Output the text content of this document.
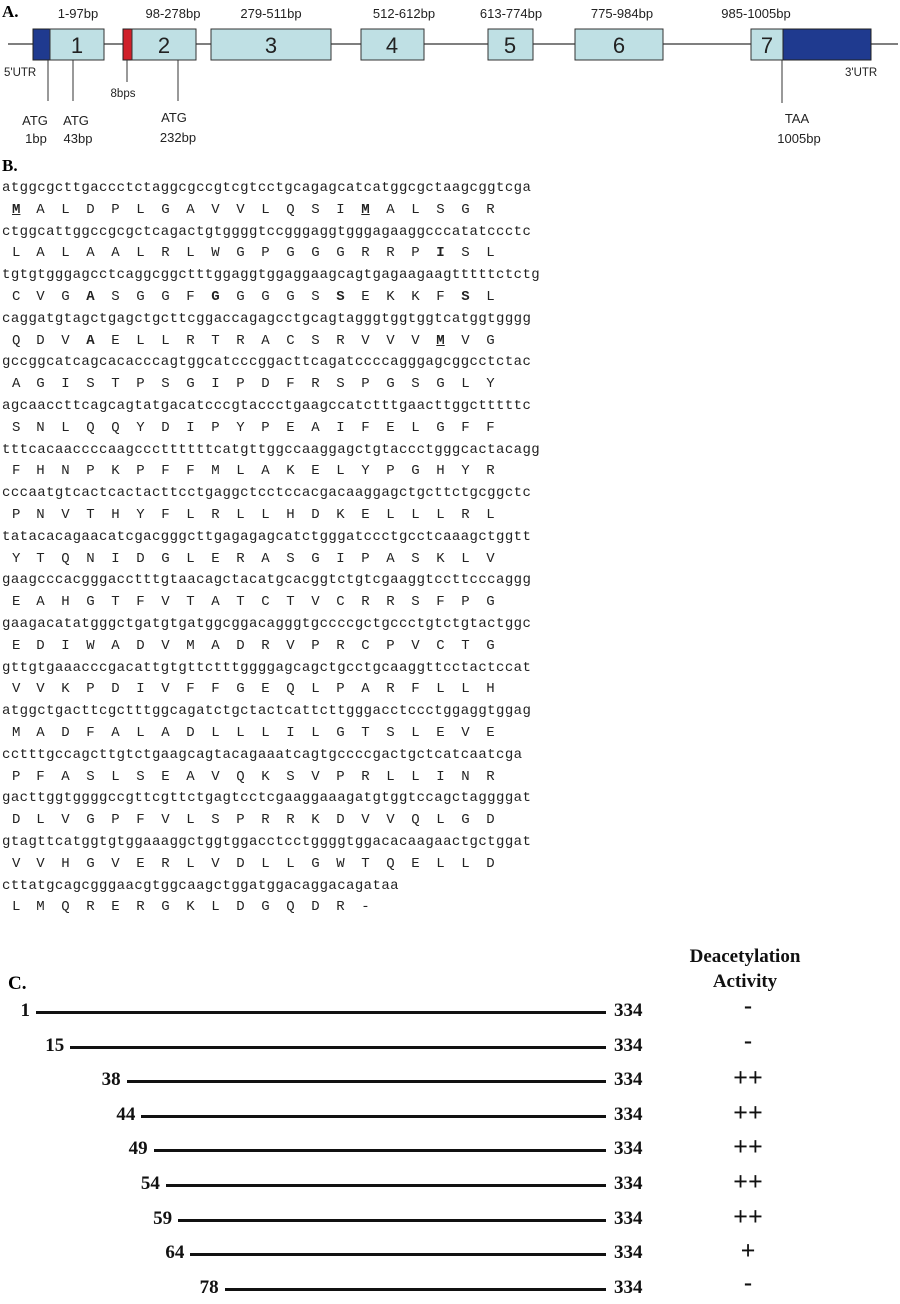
A.
1
1-97bp
2
98-278bp
3
279-511bp
4
512-612bp
5
613-774bp
6
775-984bp
7
985-1005bp
5'UTR	3'UTR
8bps
ATG
1bp
ATG
43bp
ATG
232bp
TAA
1005bp
B.
atggcgcttgaccctctaggcgccgtcgtcctgcagagcatcatggcgctaagcggtcga
M	A	L	D	P	L	G	A	V	V	L	Q	S	I	M	A	L	S	G	R
ctggcattggccgcgctcagactgtggggtccgggaggtgggagaaggcccatatccctc
L	A	L	A	A	L	R	L	W	G	P	G	G	G	R	R	P	I	S	L
tgtgtgggagcctcaggcggctttggaggtggaggaagcagtgagaagaagtttttctctg
C	V	G	A	S	G	G	F	G	G	G	G	S	S	E	K	K	F	S	L
caggatgtagctgagctgcttcggaccagagcctgcagtagggtggtggtcatggtgggg
Q	D	V	A	E	L	L	R	T	R	A	C	S	R	V	V	V	M	V	G
gccggcatcagcacacccagtggcatcccggacttcagatccccagggagcggcctctac
A	G	I	S	T	P	S	G	I	P	D	F	R	S	P	G	S	G	L	Y
agcaaccttcagcagtatgacatcccgtaccctgaagccatctttgaacttggctttttc
S	N	L	Q	Q	Y	D	I	P	Y	P	E	A	I	F	E	L	G	F	F
tttcacaaccccaagcccttttttcatgttggccaaggagctgtaccctgggcactacagg
F	H	N	P	K	P	F	F	M	L	A	K	E	L	Y	P	G	H	Y	R
cccaatgtcactcactacttcctgaggctcctccacgacaaggagctgcttctgcggctc
P	N	V	T	H	Y	F	L	R	L	L	H	D	K	E	L	L	L	R	L
tatacacagaacatcgacgggcttgagagagcatctgggatccctgcctcaaagctggtt
Y	T	Q	N	I	D	G	L	E	R	A	S	G	I	P	A	S	K	L	V
gaagcccacgggacctttgtaacagctacatgcacggtctgtcgaaggtccttcccaggg
E	A	H	G	T	F	V	T	A	T	C	T	V	C	R	R	S	F	P	G
gaagacatatgggctgatgtgatggcggacagggtgccccgctgccctgtctgtactggc
E	D	I	W	A	D	V	M	A	D	R	V	P	R	C	P	V	C	T	G
gttgtgaaacccgacattgtgttctttggggagcagctgcctgcaaggttcctactccat
V	V	K	P	D	I	V	F	F	G	E	Q	L	P	A	R	F	L	L	H
atggctgacttcgctttggcagatctgctactcattcttgggacctccctggaggtggag
M	A	D	F	A	L	A	D	L	L	L	I	L	G	T	S	L	E	V	E
cctttgccagcttgtctgaagcagtacagaaatcagtgccccgactgctcatcaatcga
P	F	A	S	L	S	E	A	V	Q	K	S	V	P	R	L	L	I	N	R
gacttggtggggccgttcgttctgagtcctcgaaggaaagatgtggtccagctaggggat
D	L	V	G	P	F	V	L	S	P	R	R	K	D	V	V	Q	L	G	D
gtagttcatggtgtggaaaggctggtggacctcctggggtggacacaagaactgctggat
V	V	H	G	V	E	R	L	V	D	L	L	G	W	T	Q	E	L	L	D
cttatgcagcgggaacgtggcaagctggatggacaggacagataa
L	M	Q	R	E	R	G	K	L	D	G	Q	D	R	-
Deacetylation
Activity
C.
1	334	-
15	334	-
38	334	++
44	334	++
49	334	++
54	334	++
59	334	++
64	334	+
78	334	-
